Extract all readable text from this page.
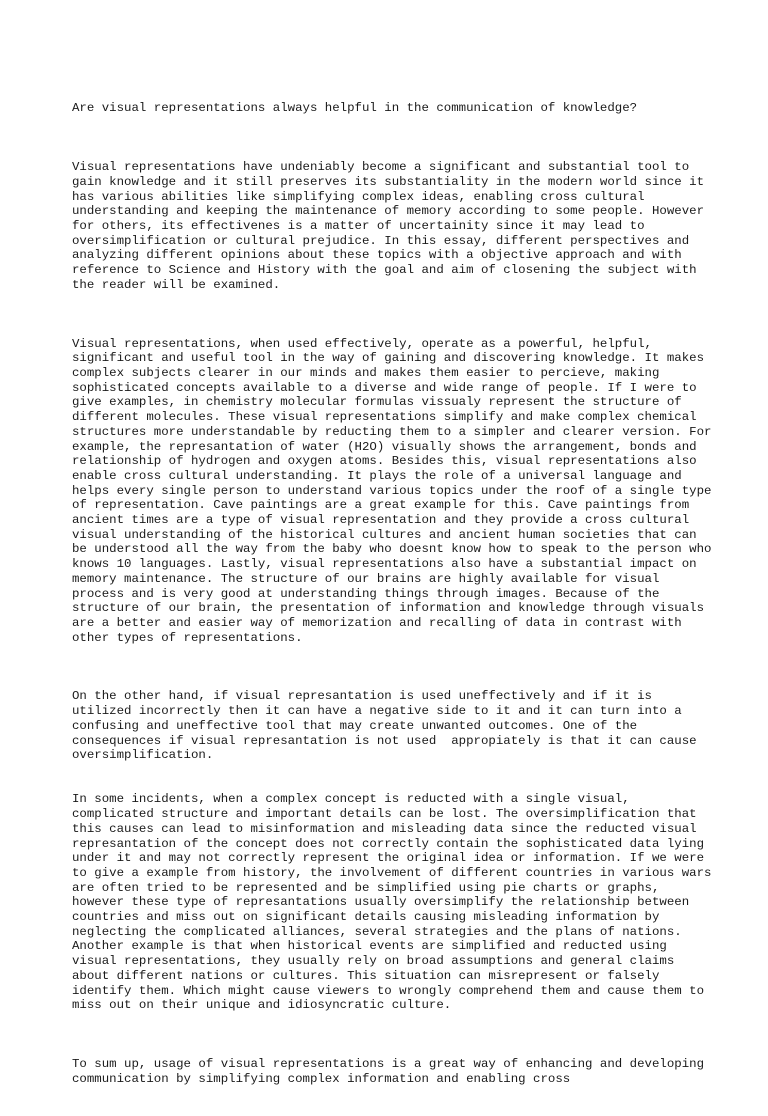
Are visual representations always helpful in the communication of knowledge?

Visual representations have undeniably become a significant and substantial tool to gain knowledge and it still preserves its substantiality in the modern world since it has various abilities like simplifying complex ideas, enabling cross cultural understanding and keeping the maintenance of memory according to some people. However for others, its effectivenes is a matter of uncertainity since it may lead to oversimplification or cultural prejudice. In this essay, different perspectives and analyzing different opinions about these topics with a objective approach and with reference to Science and History with the goal and aim of closening the subject with the reader will be examined.

Visual representations, when used effectively, operate as a powerful, helpful, significant and useful tool in the way of gaining and discovering knowledge. It makes complex subjects clearer in our minds and makes them easier to percieve, making sophisticated concepts available to a diverse and wide range of people. If I were to give examples, in chemistry molecular formulas vissualy represent the structure of different molecules. These visual representations simplify and make complex chemical structures more understandable by reducting them to a simpler and clearer version. For example, the represantation of water (H2O) visually shows the arrangement, bonds and relationship of hydrogen and oxygen atoms. Besides this, visual representations also enable cross cultural understanding. It plays the role of a universal language and helps every single person to understand various topics under the roof of a single type of representation. Cave paintings are a great example for this. Cave paintings from ancient times are a type of visual representation and they provide a cross cultural visual understanding of the historical cultures and ancient human societies that can be understood all the way from the baby who doesnt know how to speak to the person who knows 10 languages. Lastly, visual representations also have a substantial impact on memory maintenance. The structure of our brains are highly available for visual process and is very good at understanding things through images. Because of the structure of our brain, the presentation of information and knowledge through visuals are a better and easier way of memorization and recalling of data in contrast with other types of representations.

On the other hand, if visual represantation is used uneffectively and if it is utilized incorrectly then it can have a negative side to it and it can turn into a confusing and uneffective tool that may create unwanted outcomes. One of the consequences if visual represantation is not used  appropiately is that it can cause oversimplification.

In some incidents, when a complex concept is reducted with a single visual, complicated structure and important details can be lost. The oversimplification that this causes can lead to misinformation and misleading data since the reducted visual represantation of the concept does not correctly contain the sophisticated data lying under it and may not correctly represent the original idea or information. If we were to give a example from history, the involvement of different countries in various wars are often tried to be represented and be simplified using pie charts or graphs, however these type of represantations usually oversimplify the relationship between countries and miss out on significant details causing misleading information by neglecting the complicated alliances, several strategies and the plans of nations. Another example is that when historical events are simplified and reducted using visual representations, they usually rely on broad assumptions and general claims about different nations or cultures. This situation can misrepresent or falsely identify them. Which might cause viewers to wrongly comprehend them and cause them to miss out on their unique and idiosyncratic culture.

To sum up, usage of visual representations is a great way of enhancing and developing communication by simplifying complex information and enabling cross
